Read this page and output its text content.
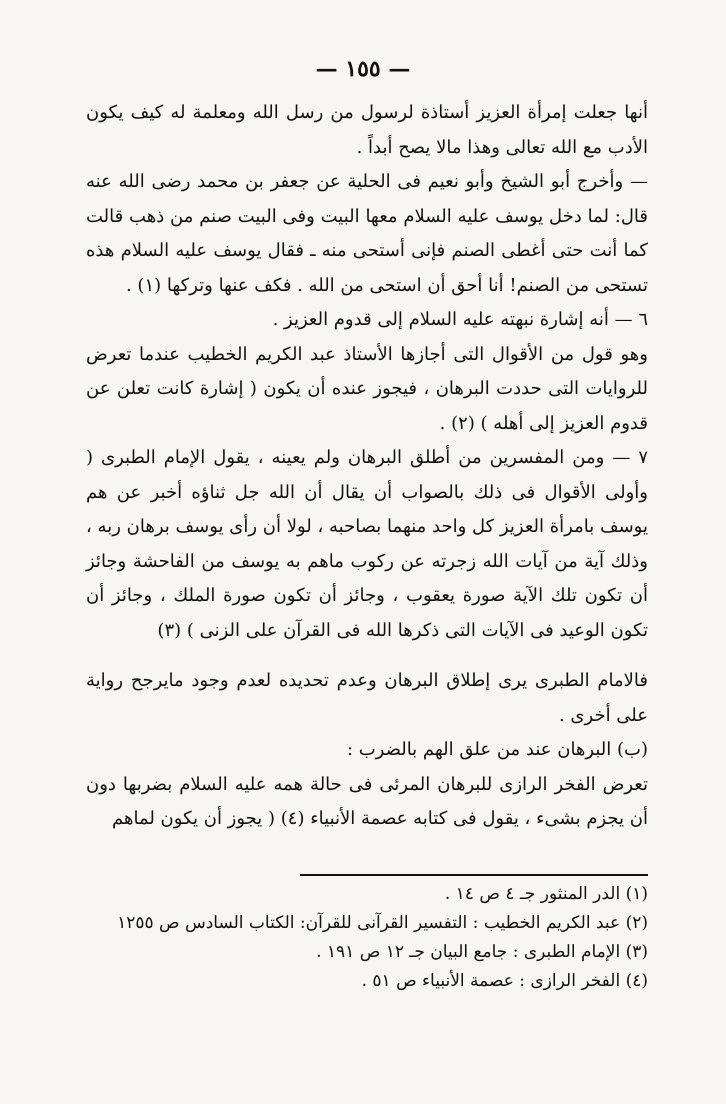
— ١٥٥ —

أنها جعلت إمرأة العزيز أستاذة لرسول من رسل الله ومعلمة له كيف يكون الأدب مع الله تعالى وهذا مالا يصح أبداً .

— وأخرج أبو الشيخ وأبو نعيم فى الحلية عن جعفر بن محمد رضى الله عنه قال: لما دخل يوسف عليه السلام معها البيت وفى البيت صنم من ذهب قالت كما أنت حتى أغطى الصنم فإنى أستحى منه ـ فقال يوسف عليه السلام هذه تستحى من الصنم! أنا أحق أن استحى من الله . فكف عنها وتركها (١) .

٦ — أنه إشارة نبهته عليه السلام إلى قدوم العزيز .

وهو قول من الأقوال التى أجازها الأستاذ عبد الكريم الخطيب عندما تعرض للروايات التى حددت البرهان ، فيجوز عنده أن يكون ( إشارة كانت تعلن عن قدوم العزيز إلى أهله ) (٢) .

٧ — ومن المفسرين من أطلق البرهان ولم يعينه ، يقول الإمام الطبرى ( وأولى الأقوال فى ذلك بالصواب أن يقال أن الله جل ثناؤه أخبر عن هم يوسف بامرأة العزيز كل واحد منهما بصاحبه ، لولا أن رأى يوسف برهان ربه ، وذلك آية من آيات الله زجرته عن ركوب ماهم به يوسف من الفاحشة وجائز أن تكون تلك الآية صورة يعقوب ، وجائز أن تكون صورة الملك ، وجائز أن تكون الوعيد فى الآيات التى ذكرها الله فى القرآن على الزنى ) (٣)

فالامام الطبرى يرى إطلاق البرهان وعدم تحديده لعدم وجود مايرجح رواية على أخرى .

(ب) البرهان عند من علق الهم بالضرب :

تعرض الفخر الرازى للبرهان المرئى فى حالة همه عليه السلام بضربها دون أن يجزم بشىء ، يقول فى كتابه عصمة الأنبياء (٤) ( يجوز أن يكون لماهم

(١) الدر المنثور جـ ٤ ص ١٤ .
(٢) عبد الكريم الخطيب : التفسير القرآنى للقرآن: الكتاب السادس ص ١٢٥٥
(٣) الإمام الطبرى : جامع البيان جـ ١٢ ص ١٩١ .
(٤) الفخر الرازى : عصمة الأنبياء ص ٥١ .
